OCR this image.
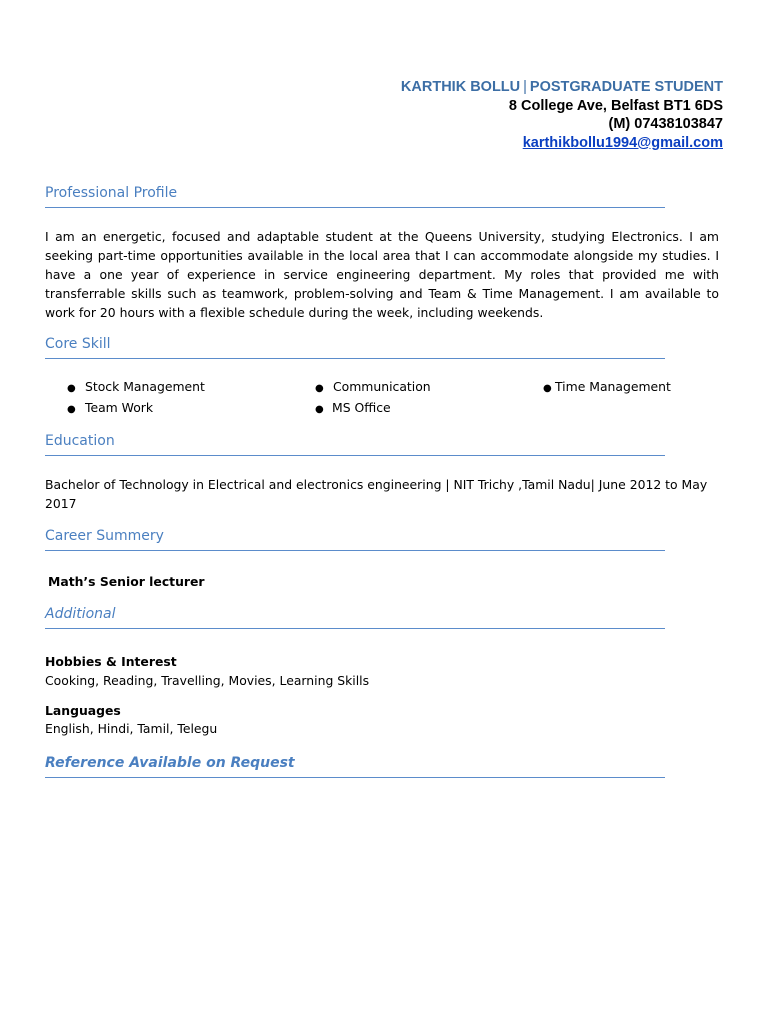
KARTHIK BOLLU | POSTGRADUATE STUDENT
8 College Ave, Belfast BT1 6DS
(M) 07438103847
karthikbollu1994@gmail.com
Professional Profile
I am an energetic, focused and adaptable student at the Queens University, studying Electronics. I am seeking part-time opportunities available in the local area that I can accommodate alongside my studies. I have a one year of experience in service engineering department. My roles that provided me with transferrable skills such as teamwork, problem-solving and Team & Time Management. I am available to work for 20 hours with a flexible schedule during the week, including weekends.
Core Skill
● Stock Management	● Communication	● Time Management
● Team Work	● MS Office
Education
Bachelor of Technology in Electrical and electronics engineering | NIT Trichy ,Tamil Nadu| June 2012 to May 2017
Career Summery
Math’s Senior lecturer
Additional
Hobbies & Interest
Cooking, Reading, Travelling, Movies, Learning Skills
Languages
English, Hindi, Tamil, Telegu
Reference Available on Request
